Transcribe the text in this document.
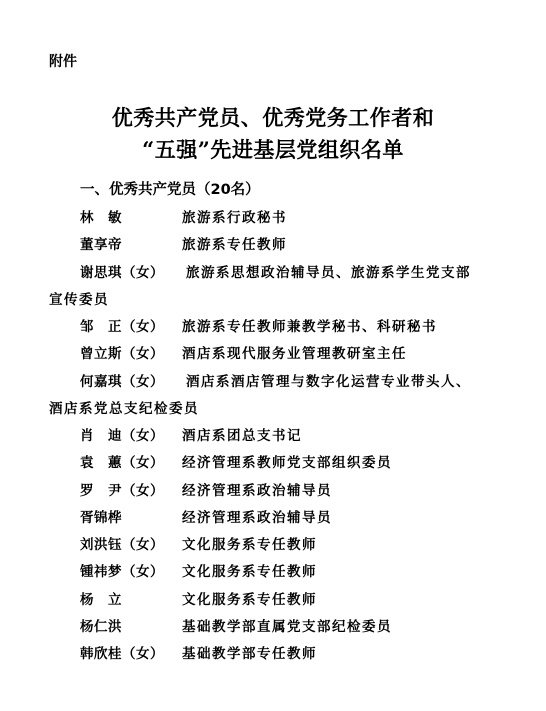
附件
优秀共产党员、优秀党务工作者和
“五强”先进基层党组织名单
一、优秀共产党员（20名）
林　敏	旅游系行政秘书
董享帝	旅游系专任教师
谢思琪（女） 旅游系思想政治辅导员、旅游系学生党支部
宣传委员
邹　正（女） 旅游系专任教师兼教学秘书、科研秘书
曾立斯（女） 酒店系现代服务业管理教研室主任
何嘉琪（女） 酒店系酒店管理与数字化运营专业带头人、
酒店系党总支纪检委员
肖　迪（女） 酒店系团总支书记
袁　蕙（女） 经济管理系教师党支部组织委员
罗　尹（女） 经济管理系政治辅导员
胥锦桦	经济管理系政治辅导员
刘洪钰（女） 文化服务系专任教师
锺祎梦（女） 文化服务系专任教师
杨　立	文化服务系专任教师
杨仁洪	基础教学部直属党支部纪检委员
韩欣桂（女） 基础教学部专任教师
